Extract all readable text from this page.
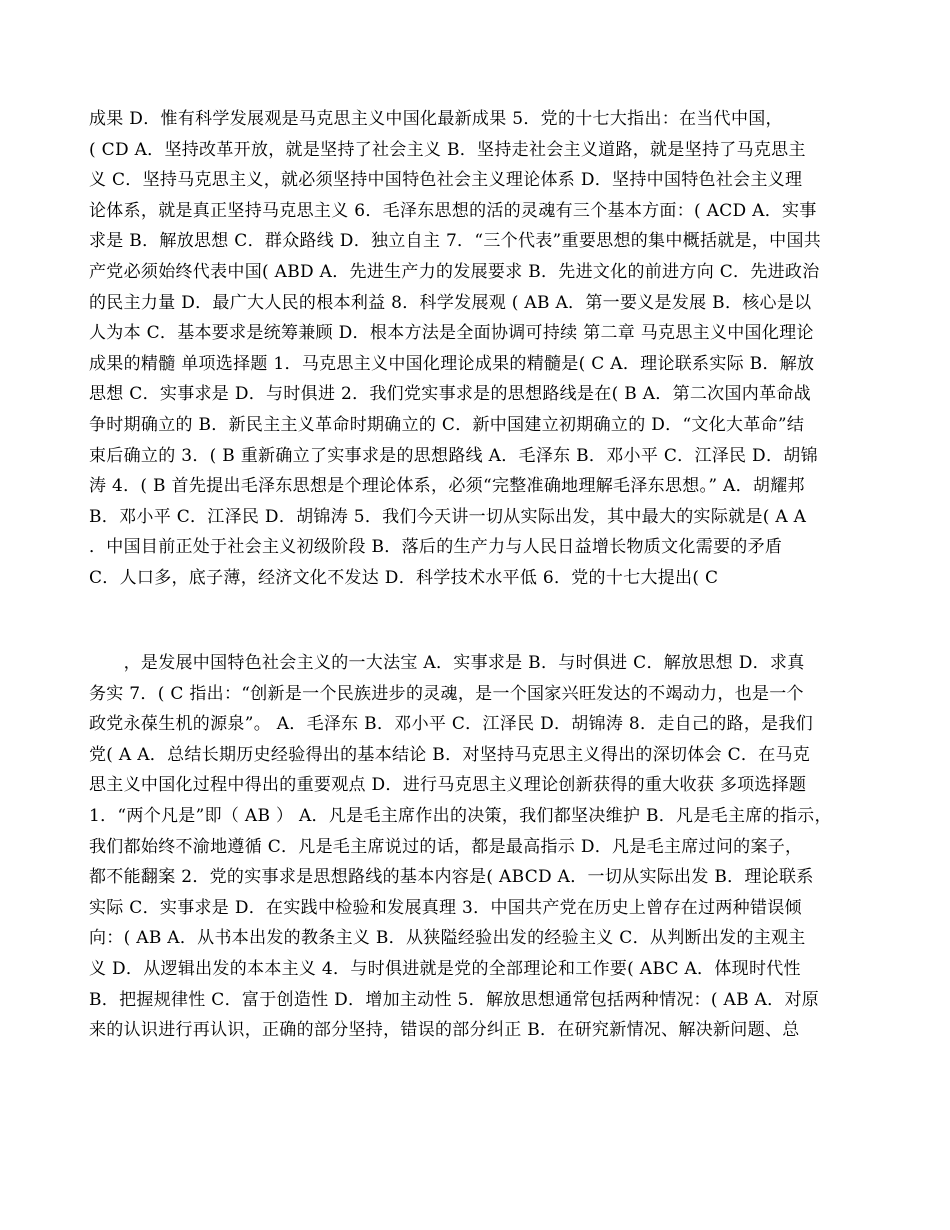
成果 D．惟有科学发展观是马克思主义中国化最新成果 5．党的十七大指出：在当代中国，

( CD A．坚持改革开放，就是坚持了社会主义 B．坚持走社会主义道路，就是坚持了马克思主

义 C．坚持马克思主义，就必须坚持中国特色社会主义理论体系 D．坚持中国特色社会主义理

论体系，就是真正坚持马克思主义 6．毛泽东思想的活的灵魂有三个基本方面：( ACD A．实事

求是 B．解放思想 C．群众路线 D．独立自主 7．“三个代表”重要思想的集中概括就是，中国共

产党必须始终代表中国( ABD A．先进生产力的发展要求 B．先进文化的前进方向 C．先进政治

的民主力量 D．最广大人民的根本利益 8．科学发展观 ( AB A．第一要义是发展 B．核心是以

人为本 C．基本要求是统筹兼顾 D．根本方法是全面协调可持续 第二章 马克思主义中国化理论

成果的精髓 单项选择题 1．马克思主义中国化理论成果的精髓是( C A．理论联系实际 B．解放

思想 C．实事求是 D．与时俱进 2．我们党实事求是的思想路线是在( B A．第二次国内革命战

争时期确立的 B．新民主主义革命时期确立的 C．新中国建立初期确立的 D．“文化大革命”结

束后确立的 3．( B 重新确立了实事求是的思想路线 A．毛泽东 B．邓小平 C．江泽民 D．胡锦

涛 4．( B 首先提出毛泽东思想是个理论体系，必须“完整准确地理解毛泽东思想。” A．胡耀邦

B．邓小平 C．江泽民 D．胡锦涛 5．我们今天讲一切从实际出发，其中最大的实际就是( A A

．中国目前正处于社会主义初级阶段 B．落后的生产力与人民日益增长物质文化需要的矛盾

C．人口多，底子薄，经济文化不发达 D．科学技术水平低 6．党的十七大提出( C

　　，是发展中国特色社会主义的一大法宝 A．实事求是 B．与时俱进 C．解放思想 D．求真

务实 7．( C 指出：“创新是一个民族进步的灵魂，是一个国家兴旺发达的不竭动力，也是一个

政党永葆生机的源泉”。 A．毛泽东 B．邓小平 C．江泽民 D．胡锦涛 8．走自己的路，是我们

党( A A．总结长期历史经验得出的基本结论 B．对坚持马克思主义得出的深切体会 C．在马克

思主义中国化过程中得出的重要观点 D．进行马克思主义理论创新获得的重大收获 多项选择题

1．“两个凡是”即（ AB ） A．凡是毛主席作出的决策，我们都坚决维护 B．凡是毛主席的指示，

我们都始终不渝地遵循 C．凡是毛主席说过的话，都是最高指示 D．凡是毛主席过问的案子，

都不能翻案 2．党的实事求是思想路线的基本内容是( ABCD A．一切从实际出发 B．理论联系

实际 C．实事求是 D．在实践中检验和发展真理 3．中国共产党在历史上曾存在过两种错误倾

向：( AB A．从书本出发的教条主义 B．从狭隘经验出发的经验主义 C．从判断出发的主观主

义 D．从逻辑出发的本本主义 4．与时俱进就是党的全部理论和工作要( ABC A．体现时代性

B．把握规律性 C．富于创造性 D．增加主动性 5．解放思想通常包括两种情况：( AB A．对原

来的认识进行再认识，正确的部分坚持，错误的部分纠正 B．在研究新情况、解决新问题、总
